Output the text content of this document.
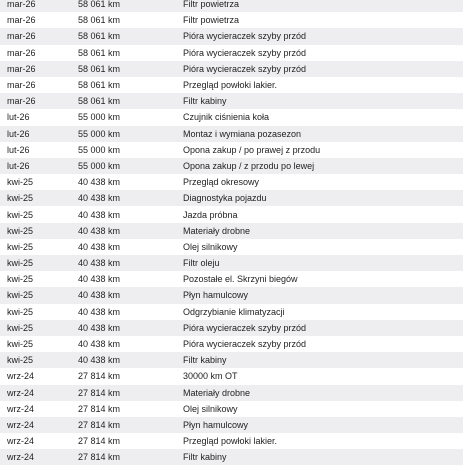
mar-26	58 061 km	Filtr powietrza
mar-26	58 061 km	Filtr powietrza
mar-26	58 061 km	Pióra wycieraczek szyby przód
mar-26	58 061 km	Pióra wycieraczek szyby przód
mar-26	58 061 km	Pióra wycieraczek szyby przód
mar-26	58 061 km	Przegląd powłoki lakier.
mar-26	58 061 km	Filtr kabiny
lut-26	55 000 km	Czujnik ciśnienia koła
lut-26	55 000 km	Montaz i wymiana pozasezon
lut-26	55 000 km	Opona zakup / po prawej z przodu
lut-26	55 000 km	Opona zakup / z przodu po lewej
kwi-25	40 438 km	Przegląd okresowy
kwi-25	40 438 km	Diagnostyka pojazdu
kwi-25	40 438 km	Jazda próbna
kwi-25	40 438 km	Materiały drobne
kwi-25	40 438 km	Olej silnikowy
kwi-25	40 438 km	Filtr oleju
kwi-25	40 438 km	Pozostałe el. Skrzyni biegów
kwi-25	40 438 km	Płyn hamulcowy
kwi-25	40 438 km	Odgrzybianie klimatyzacji
kwi-25	40 438 km	Pióra wycieraczek szyby przód
kwi-25	40 438 km	Pióra wycieraczek szyby przód
kwi-25	40 438 km	Filtr kabiny
wrz-24	27 814 km	30000 km OT
wrz-24	27 814 km	Materiały drobne
wrz-24	27 814 km	Olej silnikowy
wrz-24	27 814 km	Płyn hamulcowy
wrz-24	27 814 km	Przegląd powłoki lakier.
wrz-24	27 814 km	Filtr kabiny
